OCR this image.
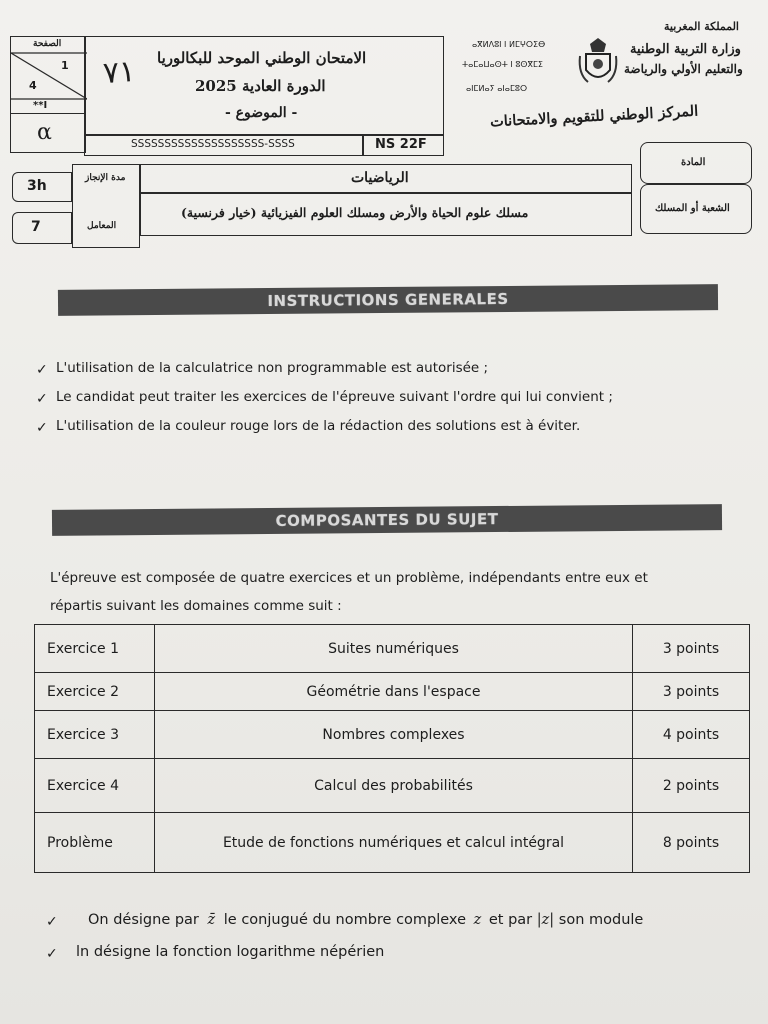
الصفحة
1
4
**I
α
٧١ الامتحان الوطني الموحد للبكالوريا
الدورة العادية 2025
- الموضوع -
SSSSSSSSSSSSSSSSSSSS-SSSS	NS 22F
ⴰⴳⵍⴷⵓⵏ ⵏ ⵍⵎⵖⵔⵉⴱ
ⵜⴰⵎⴰⵡⴰⵙⵜ ⵏ ⵓⵙⴳⵎⵉ
ⴰⵏⵎⵍⴰⵢ ⴰⵏⴰⵎⵓⵔ
المملكة المغربية
وزارة التربية الوطنية
والتعليم الأولي والرياضة
المركز الوطني للتقويم والامتحانات
3h
7
مدة الإنجاز
المعامل
الرياضيات
مسلك علوم الحياة والأرض ومسلك العلوم الفيزيائية (خيار فرنسية)
المادة
الشعبة أو المسلك
INSTRUCTIONS GENERALES
✓ L'utilisation de la calculatrice non programmable est autorisée ;
✓ Le candidat peut traiter les exercices de l'épreuve suivant l'ordre qui lui convient ;
✓ L'utilisation de la couleur rouge lors de la rédaction des solutions est à éviter.
COMPOSANTES DU SUJET
L'épreuve est composée de quatre exercices et un problème, indépendants entre eux et
répartis suivant les domaines comme suit :
Exercice 1	Suites numériques	3 points
Exercice 2	Géométrie dans l'espace	3 points
Exercice 3	Nombres complexes	4 points
Exercice 4	Calcul des probabilités	2 points
Problème	Etude de fonctions numériques et calcul intégral	8 points
✓ On désigne par z̄ le conjugué du nombre complexe z et par |z| son module
✓ ln désigne la fonction logarithme népérien
